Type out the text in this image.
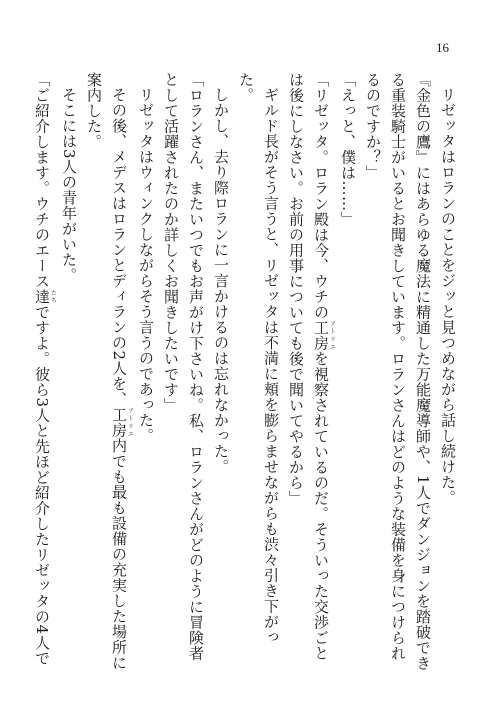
16

リゼッタはロランのことをジッと見つめながら話し続けた。

『金色の鷹』にはあらゆる魔法に精通した万能魔導師や、1人でダンジョンを踏破できる重装騎士がいるとお聞きしています。ロランさんはどのような装備を身につけられるのですか？」

「えっと、僕は……」

「リゼッタ。ロラン殿は今、ウチの工房アトリエを視察されているのだ。そういった交渉ごとは後にしなさい。お前の用事についても後で聞いてやるから」

ギルド長がそう言うと、リゼッタは不満に頬を膨らませながらも渋々引き下がった。

しかし、去り際ロランに一言かけるのは忘れなかった。

「ロランさん、またいつでもお声がけ下さいね。私、ロランさんがどのように冒険者として活躍されたのか詳しくお聞きしたいです」

リゼッタはウィンクしながらそう言うのであった。

その後、メデスはロランとディランの2人を、工房アトリエ内でも最も設備の充実した場所に案内した。

そこには3人の青年がいた。

「ご紹介します。ウチのエース達たちですよ。彼ら3人と先ほど紹介したリゼッタの4人で
